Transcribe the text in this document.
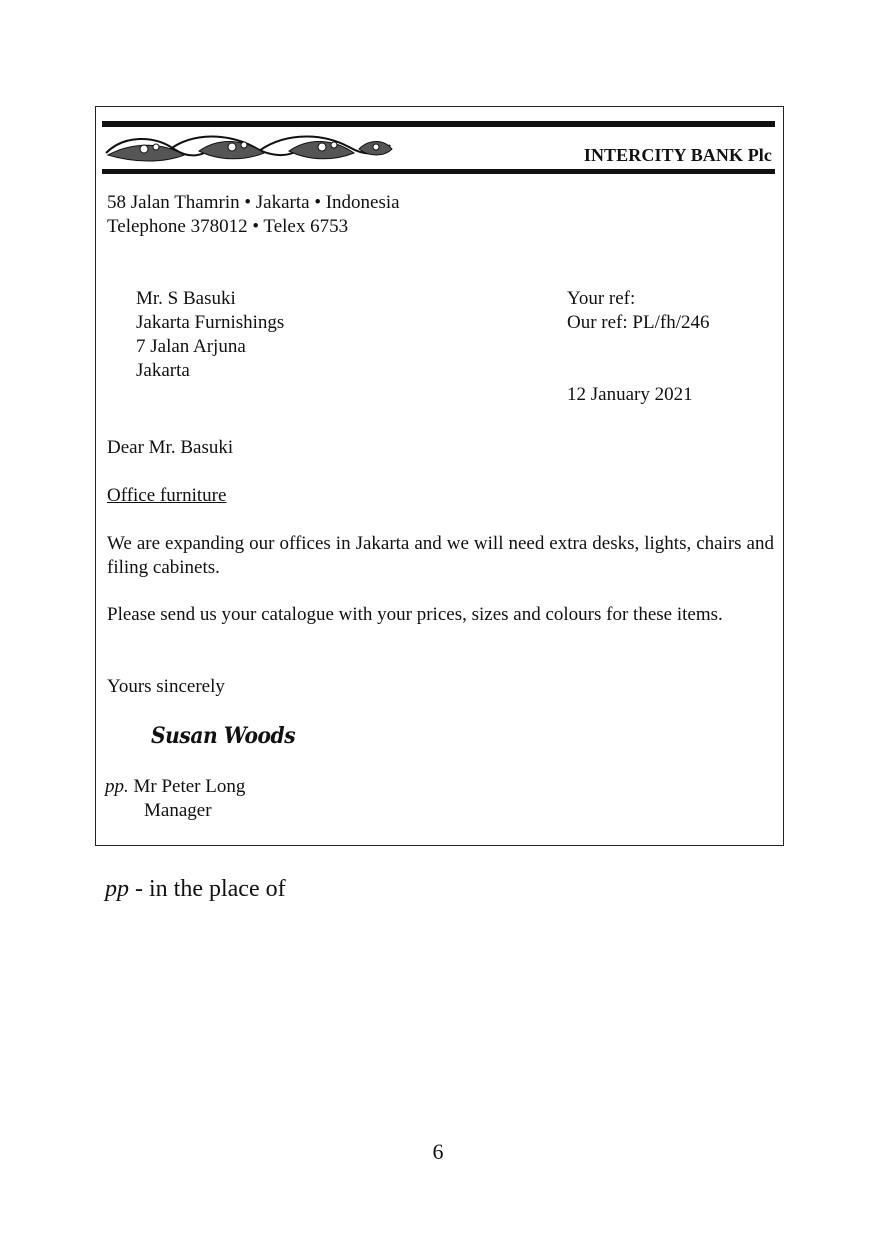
INTERCITY BANK Plc
58 Jalan Thamrin • Jakarta • Indonesia
Telephone 378012 • Telex 6753
Mr. S Basuki
Jakarta Furnishings
7 Jalan Arjuna
Jakarta
Your ref:
Our ref: PL/fh/246
12 January 2021
Dear Mr. Basuki
Office furniture
We are expanding our offices in Jakarta and we will need extra desks, lights, chairs and filing cabinets.
Please send us your catalogue with your prices, sizes and colours for these items.
Yours sincerely
Susan Woods
pp. Mr Peter Long
Manager
pp - in the place of
6
